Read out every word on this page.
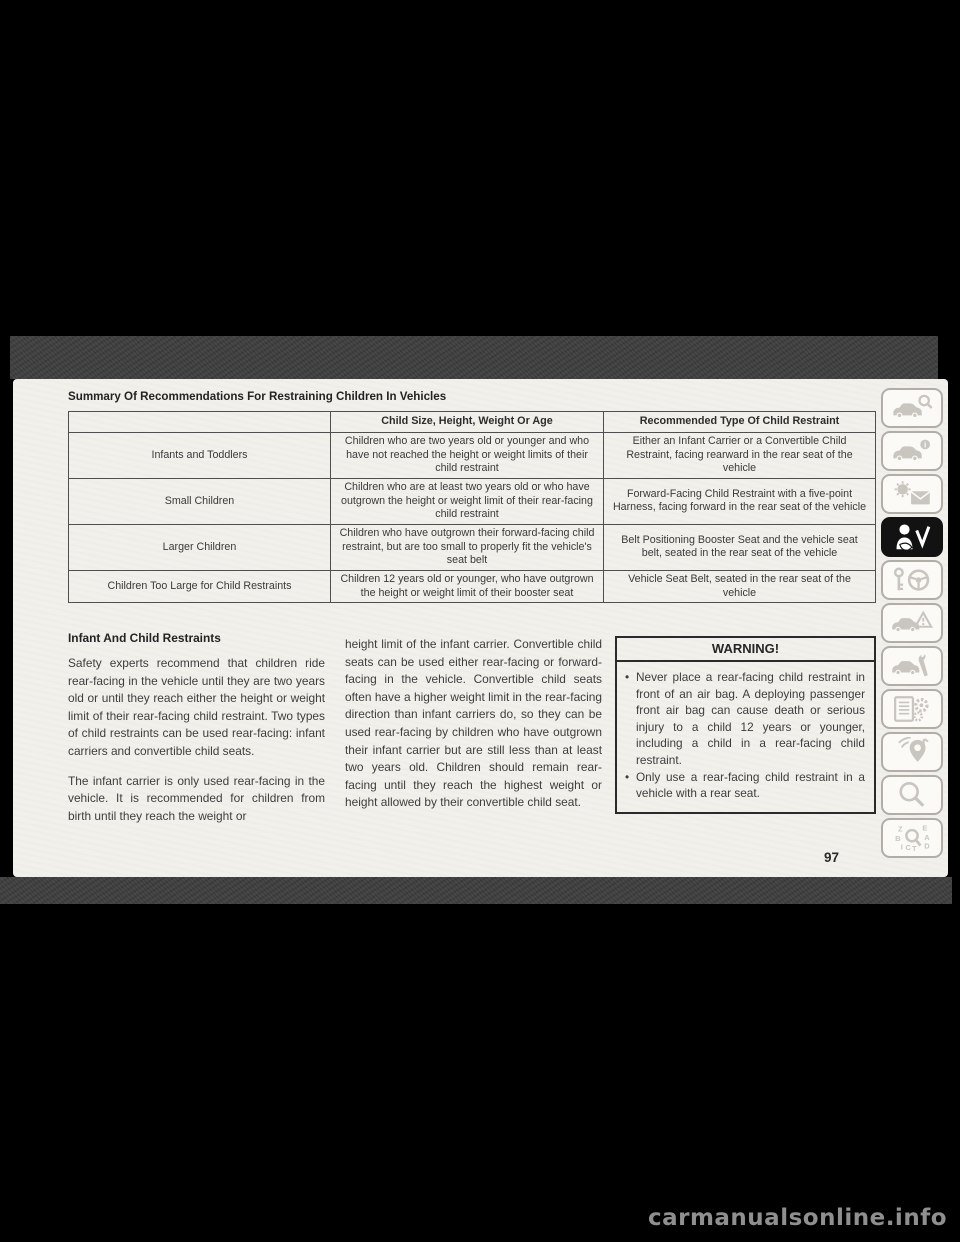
Summary Of Recommendations For Restraining Children In Vehicles
	Child Size, Height, Weight Or Age	Recommended Type Of Child Restraint
Infants and Toddlers	Children who are two years old or younger and who have not reached the height or weight limits of their child restraint	Either an Infant Carrier or a Convertible Child Restraint, facing rearward in the rear seat of the vehicle
Small Children	Children who are at least two years old or who have outgrown the height or weight limit of their rear-facing child restraint	Forward-Facing Child Restraint with a five-point Harness, facing forward in the rear seat of the vehicle
Larger Children	Children who have outgrown their forward-facing child restraint, but are too small to properly fit the vehicle's seat belt	Belt Positioning Booster Seat and the vehicle seat belt, seated in the rear seat of the vehicle
Children Too Large for Child Restraints	Children 12 years old or younger, who have outgrown the height or weight limit of their booster seat	Vehicle Seat Belt, seated in the rear seat of the vehicle
Infant And Child Restraints

Safety experts recommend that children ride rear-facing in the vehicle until they are two years old or until they reach either the height or weight limit of their rear-facing child restraint. Two types of child restraints can be used rear-facing: infant carriers and convertible child seats.

The infant carrier is only used rear-facing in the vehicle. It is recommended for children from birth until they reach the weight or

height limit of the infant carrier. Convertible child seats can be used either rear-facing or forward-facing in the vehicle. Convertible child seats often have a higher weight limit in the rear-facing direction than infant carriers do, so they can be used rear-facing by children who have outgrown their infant carrier but are still less than at least two years old. Children should remain rear-facing until they reach the highest weight or height allowed by their convertible child seat.

WARNING!
• Never place a rear-facing child restraint in front of an air bag. A deploying passenger front air bag can cause death or serious injury to a child 12 years or younger, including a child in a rear-facing child restraint.
• Only use a rear-facing child restraint in a vehicle with a rear seat.
97
i
Z E
B	A
I C T D
carmanualsonline.info
